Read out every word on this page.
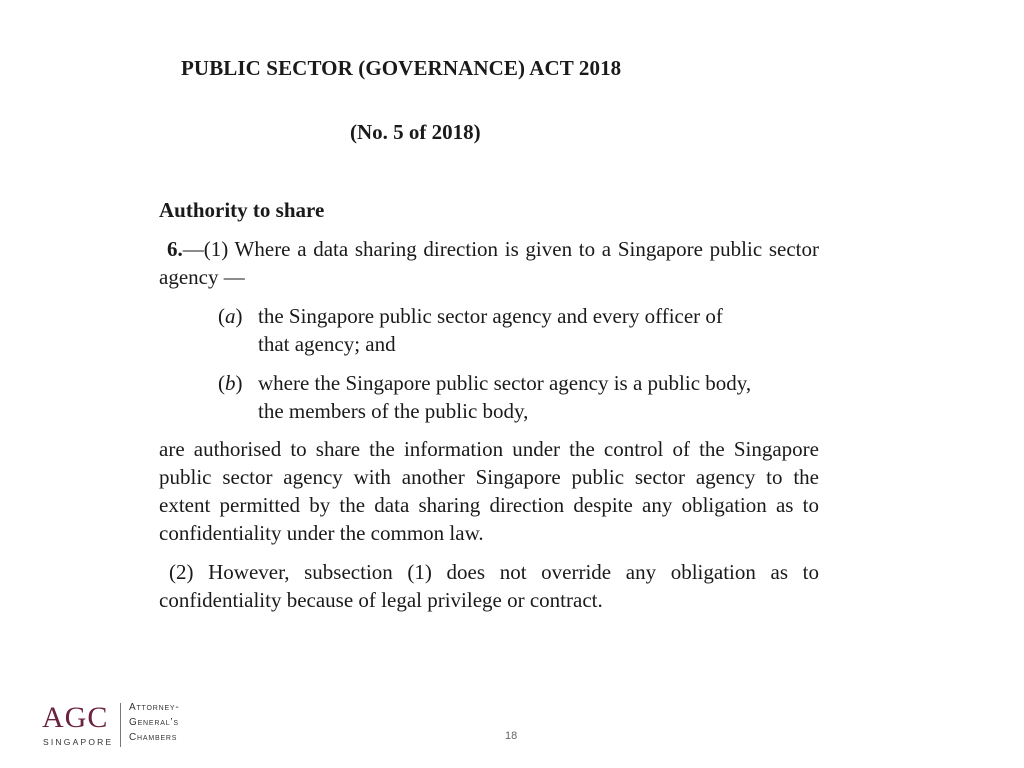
PUBLIC SECTOR (GOVERNANCE) ACT 2018
(No. 5 of 2018)
Authority to share

6.—(1) Where a data sharing direction is given to a Singapore public sector agency —

(a) the Singapore public sector agency and every officer of
that agency; and

(b) where the Singapore public sector agency is a public body,
the members of the public body,

are authorised to share the information under the control of the Singapore public sector agency with another Singapore public sector agency to the extent permitted by the data sharing direction despite any obligation as to confidentiality under the common law.

(2) However, subsection (1) does not override any obligation as to confidentiality because of legal privilege or contract.

AGC
SINGAPORE
Attorney-
General’s
Chambers	18
